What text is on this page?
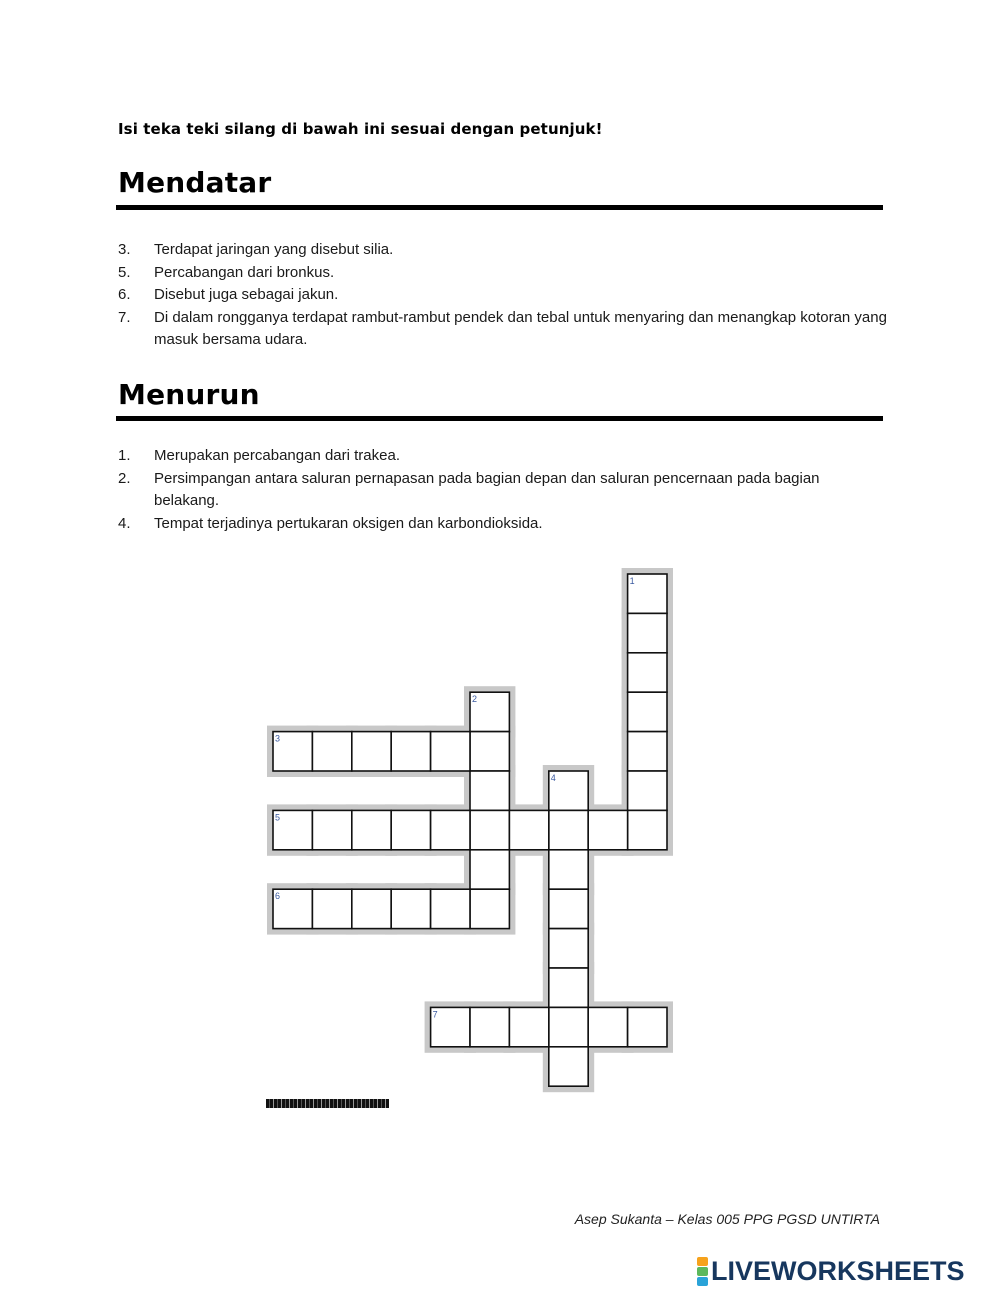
Isi teka teki silang di bawah ini sesuai dengan petunjuk!
Mendatar
3. Terdapat jaringan yang disebut silia.
5. Percabangan dari bronkus.
6. Disebut juga sebagai jakun.
7. Di dalam rongganya terdapat rambut-rambut pendek dan tebal untuk menyaring dan menangkap kotoran yang masuk bersama udara.
Menurun
1. Merupakan percabangan dari trakea.
2. Persimpangan antara saluran pernapasan pada bagian depan dan saluran pencernaan pada bagian belakang.
4. Tempat terjadinya pertukaran oksigen dan karbondioksida.
1
2
3
4
5
6
7
Asep Sukanta – Kelas 005 PPG PGSD UNTIRTA
LIVEWORKSHEETS
